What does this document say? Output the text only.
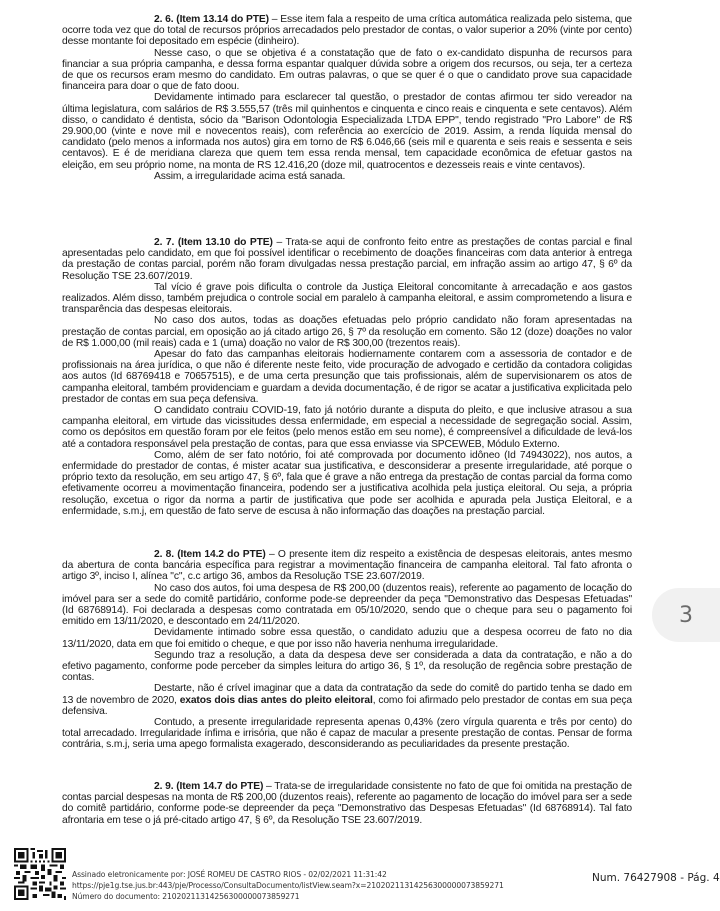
2. 6. (Item 13.14 do PTE) – Esse item fala a respeito de uma crítica automática realizada pelo sistema, que ocorre toda vez que do total de recursos próprios arrecadados pelo prestador de contas, o valor superior a 20% (vinte por cento) desse montante foi depositado em espécie (dinheiro).

Nesse caso, o que se objetiva é a constatação que de fato o ex-candidato dispunha de recursos para financiar a sua própria campanha, e dessa forma espantar qualquer dúvida sobre a origem dos recursos, ou seja, ter a certeza de que os recursos eram mesmo do candidato. Em outras palavras, o que se quer é o que o candidato prove sua capacidade financeira para doar o que de fato doou.

Devidamente intimado para esclarecer tal questão, o prestador de contas afirmou ter sido vereador na última legislatura, com salários de R$ 3.555,57 (três mil quinhentos e cinquenta e cinco reais e cinquenta e sete centavos). Além disso, o candidato é dentista, sócio da "Barison Odontologia Especializada LTDA EPP", tendo registrado "Pro Labore" de R$ 29.900,00 (vinte e nove mil e novecentos reais), com referência ao exercício de 2019. Assim, a renda líquida mensal do candidato (pelo menos a informada nos autos) gira em torno de R$ 6.046,66 (seis mil e quarenta e seis reais e sessenta e seis centavos). E é de meridiana clareza que quem tem essa renda mensal, tem capacidade econômica de efetuar gastos na eleição, em seu próprio nome, na monta de RS 12.416,20 (doze mil, quatrocentos e dezesseis reais e vinte centavos).

Assim, a irregularidade acima está sanada.

2. 7. (Item 13.10 do PTE) – Trata-se aqui de confronto feito entre as prestações de contas parcial e final apresentadas pelo candidato, em que foi possível identificar o recebimento de doações financeiras com data anterior à entrega da prestação de contas parcial, porém não foram divulgadas nessa prestação parcial, em infração assim ao artigo 47, § 6º da Resolução TSE 23.607/2019.

Tal vício é grave pois dificulta o controle da Justiça Eleitoral concomitante à arrecadação e aos gastos realizados. Além disso, também prejudica o controle social em paralelo à campanha eleitoral, e assim comprometendo a lisura e transparência das despesas eleitorais.

No caso dos autos, todas as doações efetuadas pelo próprio candidato não foram apresentadas na prestação de contas parcial, em oposição ao já citado artigo 26, § 7º da resolução em comento. São 12 (doze) doações no valor de R$ 1.000,00 (mil reais) cada e 1 (uma) doação no valor de R$ 300,00 (trezentos reais).

Apesar do fato das campanhas eleitorais hodiernamente contarem com a assessoria de contador e de profissionais na área jurídica, o que não é diferente neste feito, vide procuração de advogado e certidão da contadora coligidas aos autos (Id 68769418 e 70657515), e de uma certa presunção que tais profissionais, além de supervisionarem os atos de campanha eleitoral, também providenciam e guardam a devida documentação, é de rigor se acatar a justificativa explicitada pelo prestador de contas em sua peça defensiva.

O candidato contraiu COVID-19, fato já notório durante a disputa do pleito, e que inclusive atrasou a sua campanha eleitoral, em virtude das vicissitudes dessa enfermidade, em especial a necessidade de segregação social. Assim, como os depósitos em questão foram por ele feitos (pelo menos estão em seu nome), é compreensível a dificuldade de levá-los até a contadora responsável pela prestação de contas, para que essa enviasse via SPCEWEB, Módulo Externo.

Como, além de ser fato notório, foi até comprovada por documento idôneo (Id 74943022), nos autos, a enfermidade do prestador de contas, é mister acatar sua justificativa, e desconsiderar a presente irregularidade, até porque o próprio texto da resolução, em seu artigo 47, § 6º, fala que é grave a não entrega da prestação de contas parcial da forma como efetivamente ocorreu a movimentação financeira, podendo ser a justificativa acolhida pela justiça eleitoral. Ou seja, a própria resolução, excetua o rigor da norma a partir de justificativa que pode ser acolhida e apurada pela Justiça Eleitoral, e a enfermidade, s.m.j, em questão de fato serve de escusa à não informação das doações na prestação parcial.

2. 8. (Item 14.2 do PTE) – O presente item diz respeito a existência de despesas eleitorais, antes mesmo da abertura de conta bancária específica para registrar a movimentação financeira de campanha eleitoral. Tal fato afronta o artigo 3º, inciso I, alínea "c", c.c artigo 36, ambos da Resolução TSE 23.607/2019.

No caso dos autos, foi uma despesa de R$ 200,00 (duzentos reais), referente ao pagamento de locação do imóvel para ser a sede do comitê partidário, conforme pode-se depreender da peça "Demonstrativo das Despesas Efetuadas" (Id 68768914). Foi declarada a despesas como contratada em 05/10/2020, sendo que o cheque para seu o pagamento foi emitido em 13/11/2020, e descontado em 24/11/2020.

Devidamente intimado sobre essa questão, o candidato aduziu que a despesa ocorreu de fato no dia 13/11/2020, data em que foi emitido o cheque, e que por isso não haveria nenhuma irregularidade.

Segundo traz a resolução, a data da despesa deve ser considerada a data da contratação, e não a do efetivo pagamento, conforme pode perceber da simples leitura do artigo 36, § 1º, da resolução de regência sobre prestação de contas.

Destarte, não é crível imaginar que a data da contratação da sede do comitê do partido tenha se dado em 13 de novembro de 2020, exatos dois dias antes do pleito eleitoral, como foi afirmado pelo prestador de contas em sua peça defensiva.

Contudo, a presente irregularidade representa apenas 0,43% (zero vírgula quarenta e três por cento) do total arrecadado. Irregularidade ínfima e irrisória, que não é capaz de macular a presente prestação de contas. Pensar de forma contrária, s.m.j, seria uma apego formalista exagerado, desconsiderando as peculiaridades da presente prestação.

2. 9. (Item 14.7 do PTE) – Trata-se de irregularidade consistente no fato de que foi omitida na prestação de contas parcial despesas na monta de R$ 200,00 (duzentos reais), referente ao pagamento de locação do imóvel para ser a sede do comitê partidário, conforme pode-se depreender da peça "Demonstrativo das Despesas Efetuadas" (Id 68768914). Tal fato afrontaria em tese o já pré-citado artigo 47, § 6º, da Resolução TSE 23.607/2019.

3
Assinado eletronicamente por: JOSÉ ROMEU DE CASTRO RIOS - 02/02/2021 11:31:42
https://pje1g.tse.jus.br:443/pje/Processo/ConsultaDocumento/listView.seam?x=21020211314256300000073859271
Número do documento: 21020211314256300000073859271
Num. 76427908 - Pág. 4
